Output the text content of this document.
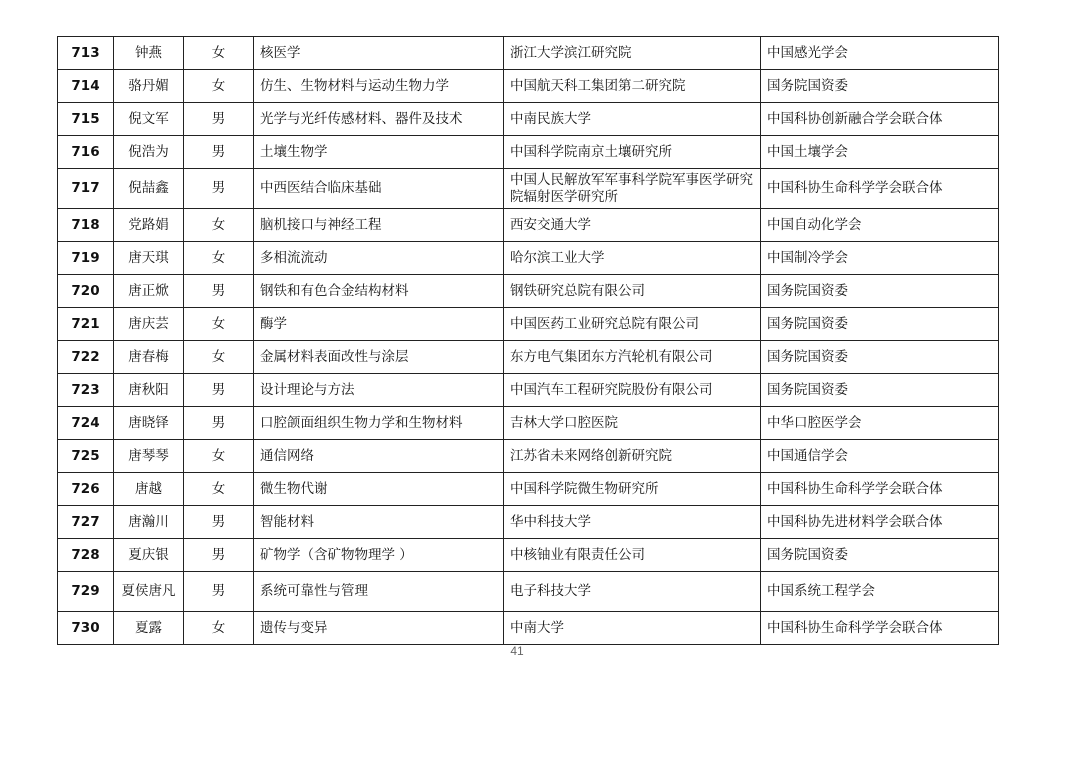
713	钟燕	女	核医学	浙江大学滨江研究院	中国感光学会
714	骆丹媚	女	仿生、生物材料与运动生物力学	中国航天科工集团第二研究院	国务院国资委
715	倪文军	男	光学与光纤传感材料、器件及技术	中南民族大学	中国科协创新融合学会联合体
716	倪浩为	男	土壤生物学	中国科学院南京土壤研究所	中国土壤学会
717	倪喆鑫	男	中西医结合临床基础	中国人民解放军军事科学院军事医学研究院辐射医学研究所	中国科协生命科学学会联合体
718	党路娟	女	脑机接口与神经工程	西安交通大学	中国自动化学会
719	唐天琪	女	多相流流动	哈尔滨工业大学	中国制冷学会
720	唐正焮	男	钢铁和有色合金结构材料	钢铁研究总院有限公司	国务院国资委
721	唐庆芸	女	酶学	中国医药工业研究总院有限公司	国务院国资委
722	唐春梅	女	金属材料表面改性与涂层	东方电气集团东方汽轮机有限公司	国务院国资委
723	唐秋阳	男	设计理论与方法	中国汽车工程研究院股份有限公司	国务院国资委
724	唐晓铎	男	口腔颌面组织生物力学和生物材料	吉林大学口腔医院	中华口腔医学会
725	唐琴琴	女	通信网络	江苏省未来网络创新研究院	中国通信学会
726	唐越	女	微生物代谢	中国科学院微生物研究所	中国科协生命科学学会联合体
727	唐瀚川	男	智能材料	华中科技大学	中国科协先进材料学会联合体
728	夏庆银	男	矿物学（含矿物物理学 ）	中核铀业有限责任公司	国务院国资委
729	夏侯唐凡	男	系统可靠性与管理	电子科技大学	中国系统工程学会
730	夏露	女	遗传与变异	中南大学	中国科协生命科学学会联合体
41
